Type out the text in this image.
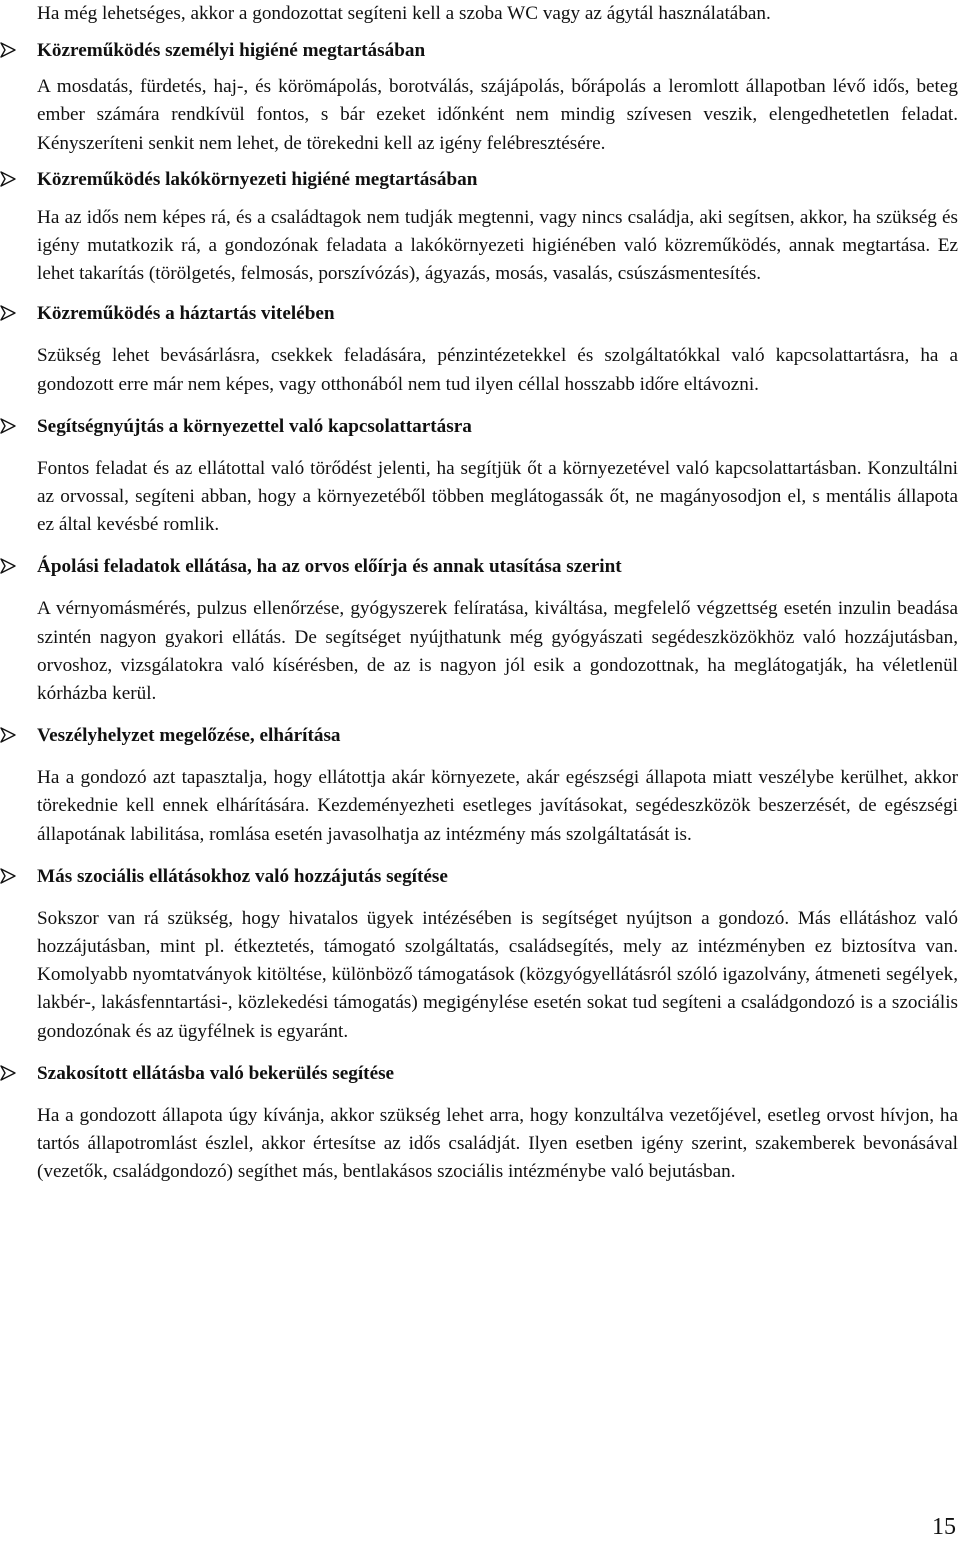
Ha még lehetséges, akkor a gondozottat segíteni kell a szoba WC vagy az ágytál használatában.

Közreműködés személyi higiéné megtartásában

A mosdatás, fürdetés, haj-, és körömápolás, borotválás, szájápolás, bőrápolás a leromlott állapotban lévő idős, beteg ember számára rendkívül fontos, s bár ezeket időnként nem mindig szívesen veszik, elengedhetetlen feladat. Kényszeríteni senkit nem lehet, de törekedni kell az igény felébresztésére.

Közreműködés lakókörnyezeti higiéné megtartásában

Ha az idős nem képes rá, és a családtagok nem tudják megtenni, vagy nincs családja, aki segítsen, akkor, ha szükség és igény mutatkozik rá, a gondozónak feladata a lakókörnyezeti higiénében való közreműködés, annak megtartása. Ez lehet takarítás (törölgetés, felmosás, porszívózás), ágyazás, mosás, vasalás, csúszásmentesítés.

Közreműködés a háztartás vitelében

Szükség lehet bevásárlásra, csekkek feladására, pénzintézetekkel és szolgáltatókkal való kapcsolattartásra, ha a gondozott erre már nem képes, vagy otthonából nem tud ilyen céllal hosszabb időre eltávozni.

Segítségnyújtás a környezettel való kapcsolattartásra

Fontos feladat és az ellátottal való törődést jelenti, ha segítjük őt a környezetével való kapcsolattartásban. Konzultálni az orvossal, segíteni abban, hogy a környezetéből többen meglátogassák őt, ne magányosodjon el, s mentális állapota ez által kevésbé romlik.

Ápolási feladatok ellátása, ha az orvos előírja és annak utasítása szerint

A vérnyomásmérés, pulzus ellenőrzése, gyógyszerek felíratása, kiváltása, megfelelő végzettség esetén inzulin beadása szintén nagyon gyakori ellátás. De segítséget nyújthatunk még gyógyászati segédeszközökhöz való hozzájutásban, orvoshoz, vizsgálatokra való kísérésben, de az is nagyon jól esik a gondozottnak, ha meglátogatják, ha véletlenül kórházba kerül.

Veszélyhelyzet megelőzése, elhárítása

Ha a gondozó azt tapasztalja, hogy ellátottja akár környezete, akár egészségi állapota miatt veszélybe kerülhet, akkor törekednie kell ennek elhárítására. Kezdeményezheti esetleges javításokat, segédeszközök beszerzését, de egészségi állapotának labilitása, romlása esetén javasolhatja az intézmény más szolgáltatását is.

Más szociális ellátásokhoz való hozzájutás segítése

Sokszor van rá szükség, hogy hivatalos ügyek intézésében is segítséget nyújtson a gondozó. Más ellátáshoz való hozzájutásban, mint pl. étkeztetés, támogató szolgáltatás, családsegítés, mely az intézményben ez biztosítva van. Komolyabb nyomtatványok kitöltése, különböző támogatások (közgyógyellátásról szóló igazolvány, átmeneti segélyek, lakbér-, lakásfenntartási-, közlekedési támogatás) megigénylése esetén sokat tud segíteni a családgondozó is a szociális gondozónak és az ügyfélnek is egyaránt.

Szakosított ellátásba való bekerülés segítése

Ha a gondozott állapota úgy kívánja, akkor szükség lehet arra, hogy konzultálva vezetőjével, esetleg orvost hívjon, ha tartós állapotromlást észlel, akkor értesítse az idős családját. Ilyen esetben igény szerint, szakemberek bevonásával (vezetők, családgondozó) segíthet más, bentlakásos szociális intézménybe való bejutásban.

15
